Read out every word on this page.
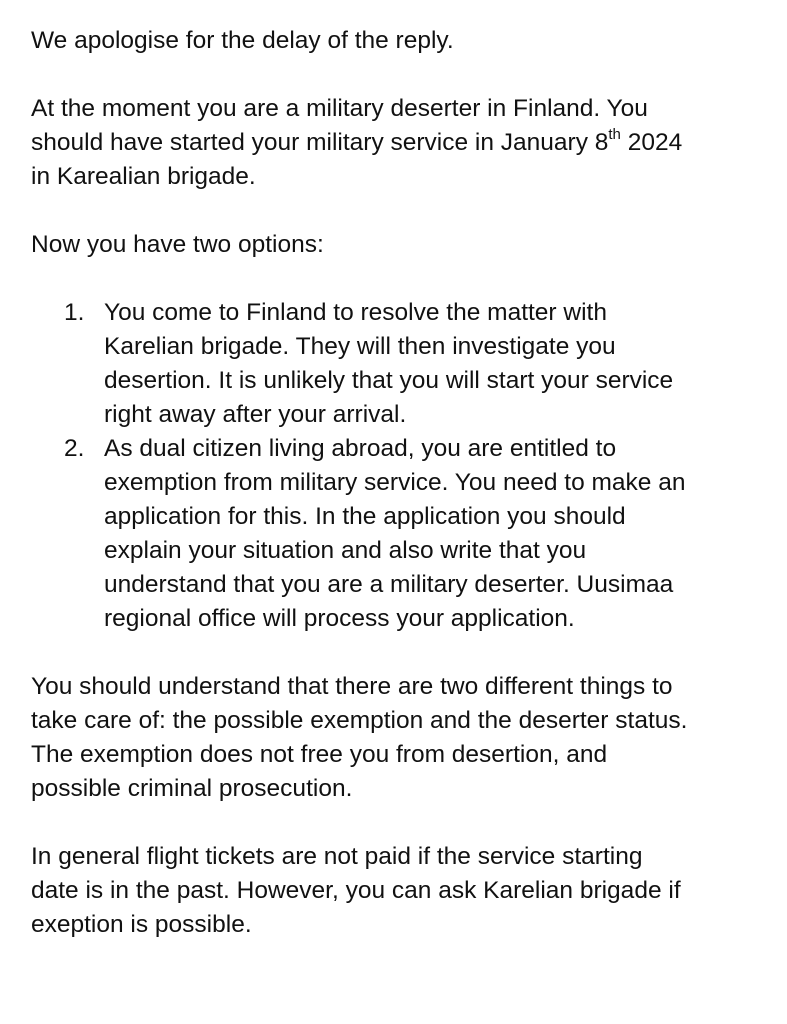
We apologise for the delay of the reply.

At the moment you are a military deserter in Finland. You
should have started your military service in January 8th 2024
in Karealian brigade.

Now you have two options:

1. You come to Finland to resolve the matter with
Karelian brigade. They will then investigate you
desertion. It is unlikely that you will start your service
right away after your arrival.
2. As dual citizen living abroad, you are entitled to
exemption from military service. You need to make an
application for this. In the application you should
explain your situation and also write that you
understand that you are a military deserter. Uusimaa
regional office will process your application.

You should understand that there are two different things to
take care of: the possible exemption and the deserter status.
The exemption does not free you from desertion, and
possible criminal prosecution.

In general flight tickets are not paid if the service starting
date is in the past. However, you can ask Karelian brigade if
exeption is possible.
